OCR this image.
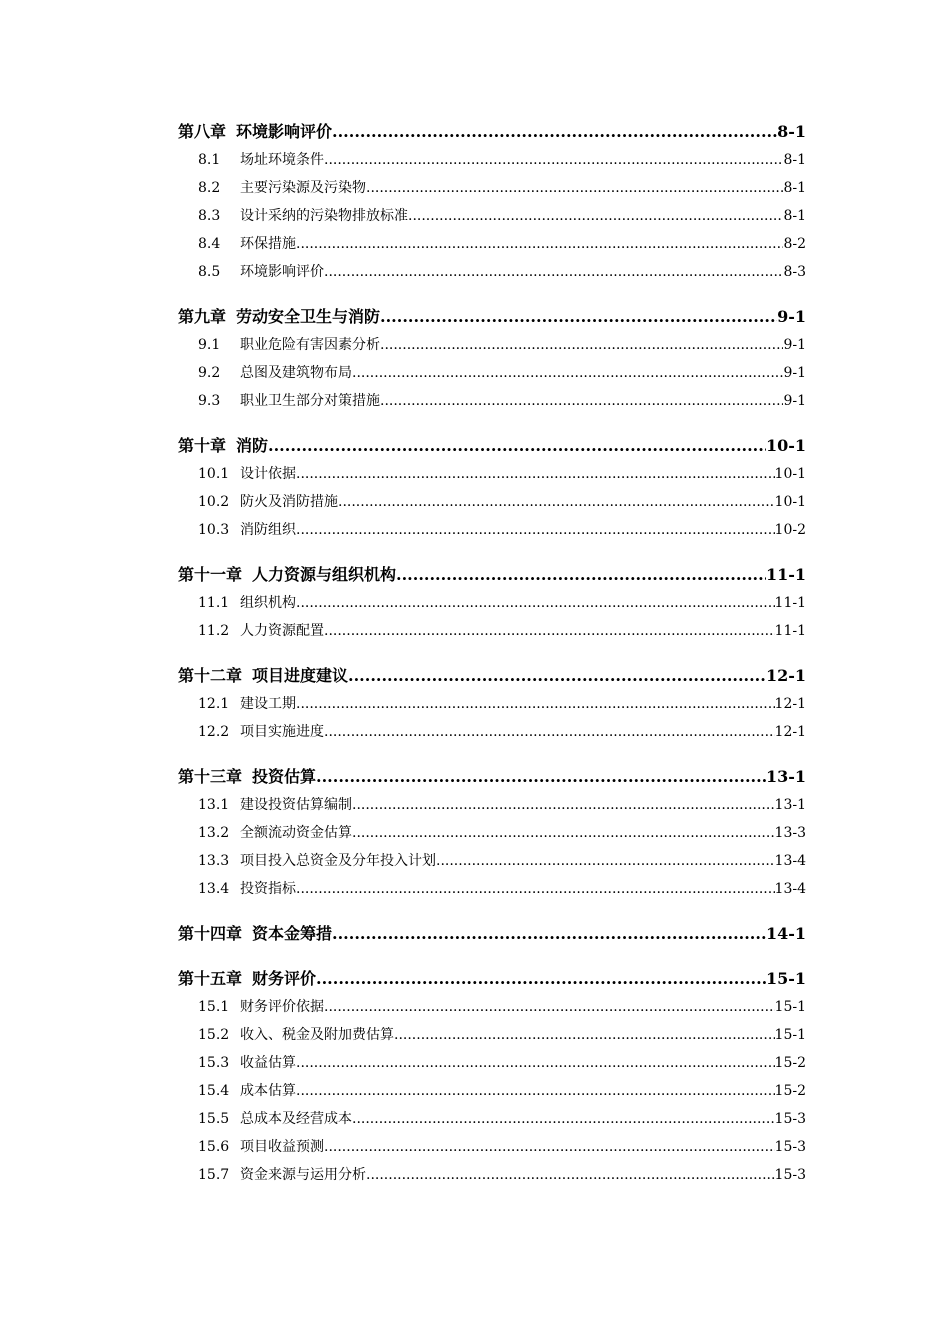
第八章 环境影响评价 .....	8-1
8.1 场址环境条件 .....	8-1
8.2 主要污染源及污染物 .....	8-1
8.3 设计采纳的污染物排放标准 .....	8-1
8.4 环保措施 .....	8-2
8.5 环境影响评价 .....	8-3
第九章 劳动安全卫生与消防 .....	9-1
9.1 职业危险有害因素分析 .....	9-1
9.2 总图及建筑物布局 .....	9-1
9.3 职业卫生部分对策措施 .....	9-1
第十章 消防 .....	10-1
10.1 设计依据 .....	10-1
10.2 防火及消防措施 .....	10-1
10.3 消防组织 .....	10-2
第十一章 人力资源与组织机构 .....	11-1
11.1 组织机构 .....	11-1
11.2 人力资源配置 .....	11-1
第十二章 项目进度建议 .....	12-1
12.1 建设工期 .....	12-1
12.2 项目实施进度 .....	12-1
第十三章 投资估算 .....	13-1
13.1 建设投资估算编制 .....	13-1
13.2 全额流动资金估算 .....	13-3
13.3 项目投入总资金及分年投入计划 .....	13-4
13.4 投资指标 .....	13-4
第十四章 资本金筹措 .....	14-1
第十五章 财务评价 .....	15-1
15.1 财务评价依据 .....	15-1
15.2 收入、税金及附加费估算 .....	15-1
15.3 收益估算 .....	15-2
15.4 成本估算 .....	15-2
15.5 总成本及经营成本 .....	15-3
15.6 项目收益预测 .....	15-3
15.7 资金来源与运用分析 .....	15-3
